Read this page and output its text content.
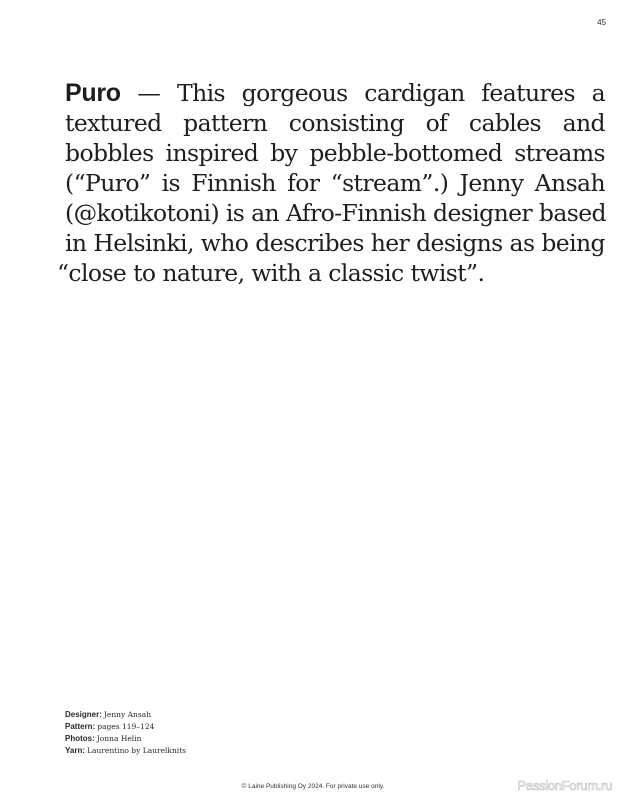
45
Puro — This gorgeous cardigan features a
textured pattern consisting of cables and
bobbles inspired by pebble-bottomed streams
(“Puro” is Finnish for “stream”.) Jenny Ansah
(@kotikotoni) is an Afro-Finnish designer based
in Helsinki, who describes her designs as being
“close to nature, with a classic twist”.
Designer: Jenny Ansah
Pattern: pages 119–124
Photos: Jonna Helin
Yarn: Laurentino by Laurelknits
© Laine Publishing Oy 2024. For private use only.	PassionForum.ru
